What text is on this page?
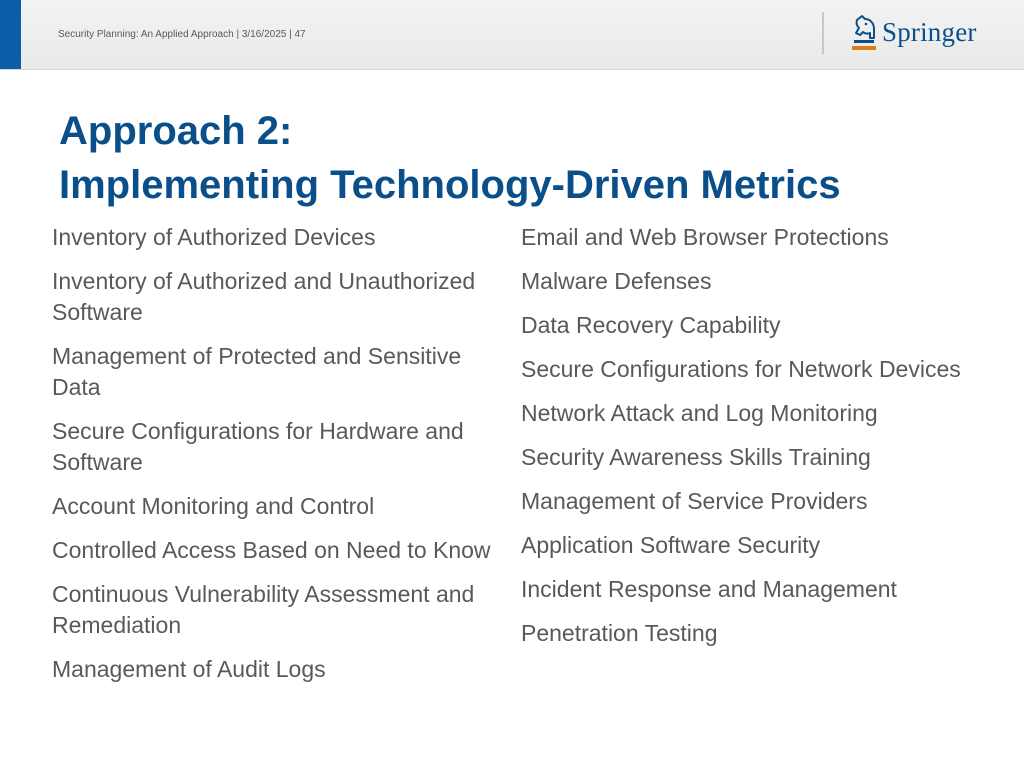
Security Planning: An Applied Approach | 3/16/2025 | 47	Springer
Approach 2:
Implementing Technology-Driven Metrics
Inventory of Authorized Devices
Inventory of Authorized and Unauthorized Software
Management of Protected and Sensitive Data
Secure Configurations for Hardware and Software
Account Monitoring and Control
Controlled Access Based on Need to Know
Continuous Vulnerability Assessment and Remediation
Management of Audit Logs
Email and Web Browser Protections
Malware Defenses
Data Recovery Capability
Secure Configurations for Network Devices
Network Attack and Log Monitoring
Security Awareness Skills Training
Management of Service Providers
Application Software Security
Incident Response and Management
Penetration Testing
